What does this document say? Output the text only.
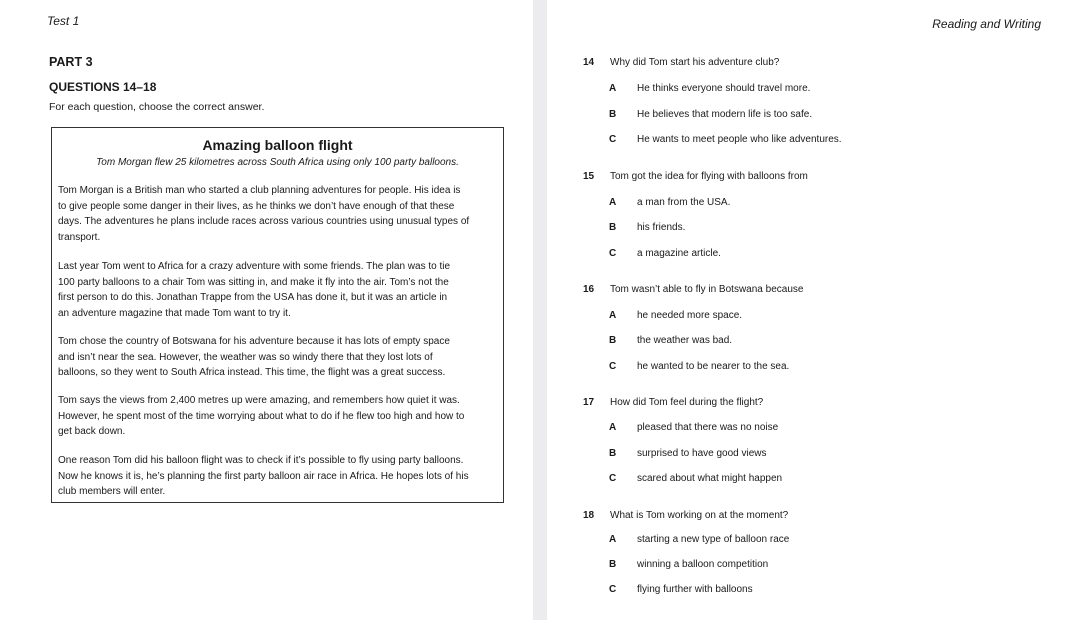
Test 1
PART 3
QUESTIONS 14–18
For each question, choose the correct answer.
Amazing balloon flight
Tom Morgan flew 25 kilometres across South Africa using only 100 party balloons.
Tom Morgan is a British man who started a club planning adventures for people. His idea is
to give people some danger in their lives, as he thinks we don’t have enough of that these
days. The adventures he plans include races across various countries using unusual types of
transport.
Last year Tom went to Africa for a crazy adventure with some friends. The plan was to tie
100 party balloons to a chair Tom was sitting in, and make it fly into the air. Tom’s not the
first person to do this. Jonathan Trappe from the USA has done it, but it was an article in
an adventure magazine that made Tom want to try it.
Tom chose the country of Botswana for his adventure because it has lots of empty space
and isn’t near the sea. However, the weather was so windy there that they lost lots of
balloons, so they went to South Africa instead. This time, the flight was a great success.
Tom says the views from 2,400 metres up were amazing, and remembers how quiet it was.
However, he spent most of the time worrying about what to do if he flew too high and how to
get back down.
One reason Tom did his balloon flight was to check if it’s possible to fly using party balloons.
Now he knows it is, he’s planning the first party balloon air race in Africa. He hopes lots of his
club members will enter.
Reading and Writing
14 Why did Tom start his adventure club?
A He thinks everyone should travel more.
B He believes that modern life is too safe.
C He wants to meet people who like adventures.
15 Tom got the idea for flying with balloons from
A a man from the USA.
B his friends.
C a magazine article.
16 Tom wasn’t able to fly in Botswana because
A he needed more space.
B the weather was bad.
C he wanted to be nearer to the sea.
17 How did Tom feel during the flight?
A pleased that there was no noise
B surprised to have good views
C scared about what might happen
18 What is Tom working on at the moment?
A starting a new type of balloon race
B winning a balloon competition
C flying further with balloons
